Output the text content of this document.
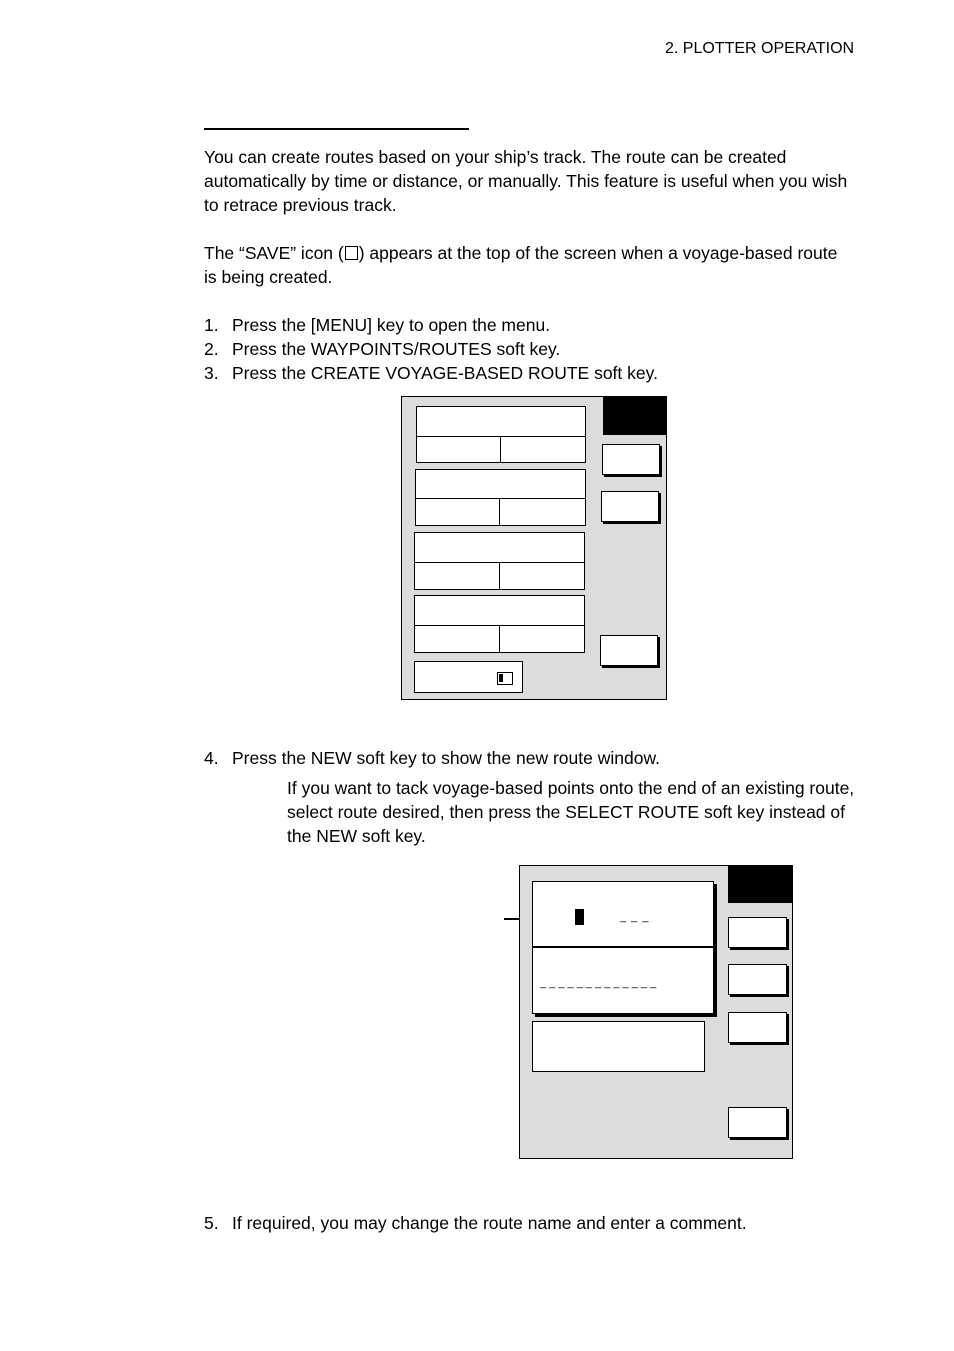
2. PLOTTER OPERATION
You can create routes based on your ship’s track. The route can be created automatically by time or distance, or manually. This feature is useful when you wish to retrace previous track.
The “SAVE” icon ( ) appears at the top of the screen when a voyage-based route is being created.
1. Press the [MENU] key to open the menu.
2. Press the WAYPOINTS/ROUTES soft key.
3. Press the CREATE VOYAGE-BASED ROUTE soft key.
4. Press the NEW soft key to show the new route window.
If you want to tack voyage-based points onto the end of an existing route, select route desired, then press the SELECT ROUTE soft key instead of the NEW soft key.
_ _ _
_ _ _ _ _ _ _ _ _ _ _ _ _
5. If required, you may change the route name and enter a comment.
